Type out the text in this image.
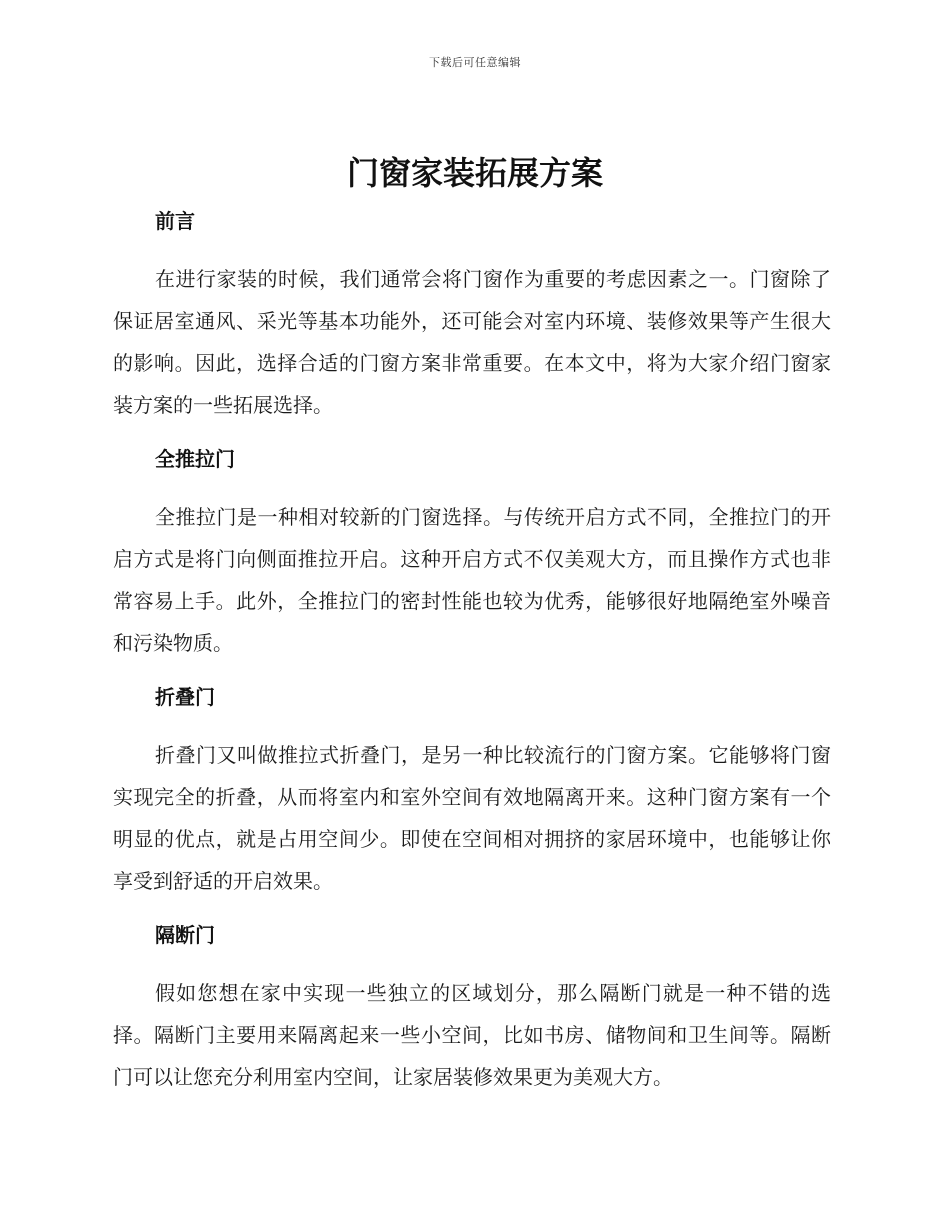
下载后可任意编辑
门窗家装拓展方案
前言

在进行家装的时候，我们通常会将门窗作为重要的考虑因素之一。门窗除了保证居室通风、采光等基本功能外，还可能会对室内环境、装修效果等产生很大的影响。因此，选择合适的门窗方案非常重要。在本文中，将为大家介绍门窗家装方案的一些拓展选择。

全推拉门

全推拉门是一种相对较新的门窗选择。与传统开启方式不同，全推拉门的开启方式是将门向侧面推拉开启。这种开启方式不仅美观大方，而且操作方式也非常容易上手。此外，全推拉门的密封性能也较为优秀，能够很好地隔绝室外噪音和污染物质。

折叠门

折叠门又叫做推拉式折叠门，是另一种比较流行的门窗方案。它能够将门窗实现完全的折叠，从而将室内和室外空间有效地隔离开来。这种门窗方案有一个明显的优点，就是占用空间少。即使在空间相对拥挤的家居环境中，也能够让你享受到舒适的开启效果。

隔断门

假如您想在家中实现一些独立的区域划分，那么隔断门就是一种不错的选择。隔断门主要用来隔离起来一些小空间，比如书房、储物间和卫生间等。隔断门可以让您充分利用室内空间，让家居装修效果更为美观大方。
